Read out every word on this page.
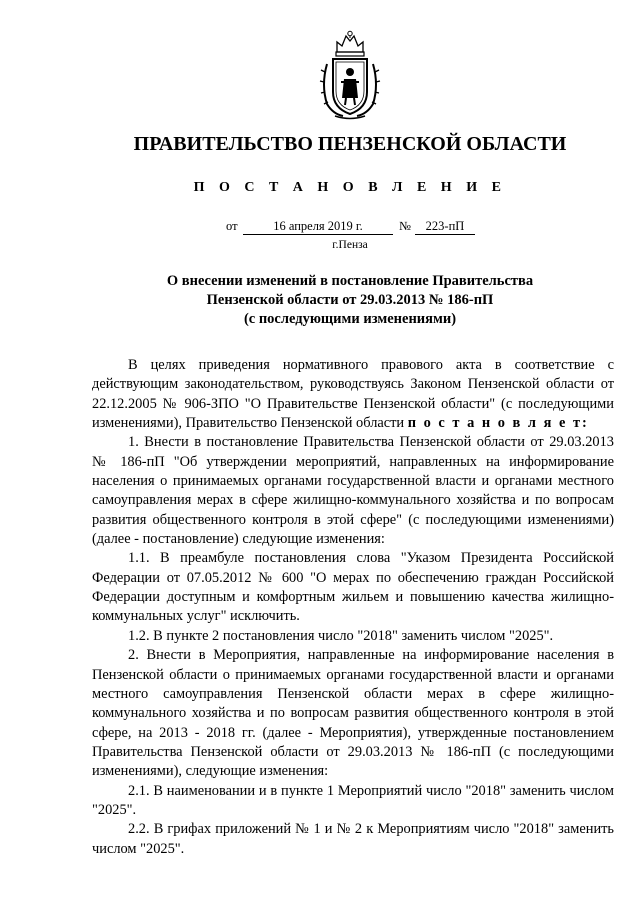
ПРАВИТЕЛЬСТВО ПЕНЗЕНСКОЙ ОБЛАСТИ
П О С Т А Н О В Л Е Н И Е
от	16 апреля 2019 г.	№	223-пП
г.Пенза
О внесении изменений в постановление Правительства
Пензенской области от 29.03.2013 № 186-пП
(с последующими изменениями)

В целях приведения нормативного правового акта в соответствие с действующим законодательством, руководствуясь Законом Пензенской области от 22.12.2005 № 906-ЗПО "О Правительстве Пензенской области" (с последующими изменениями), Правительство Пензенской области п о с т а н о в л я е т:

1. Внести в постановление Правительства Пензенской области от 29.03.2013 № 186-пП "Об утверждении мероприятий, направленных на информирование населения о принимаемых органами государственной власти и органами местного самоуправления мерах в сфере жилищно-коммунального хозяйства и по вопросам развития общественного контроля в этой сфере" (с последующими изменениями) (далее - постановление) следующие изменения:

1.1. В преамбуле постановления слова "Указом Президента Российской Федерации от 07.05.2012 № 600 "О мерах по обеспечению граждан Российской Федерации доступным и комфортным жильем и повышению качества жилищно-коммунальных услуг" исключить.

1.2. В пункте 2 постановления число "2018" заменить числом "2025".

2. Внести в Мероприятия, направленные на информирование населения в Пензенской области о принимаемых органами государственной власти и органами местного самоуправления Пензенской области мерах в сфере жилищно-коммунального хозяйства и по вопросам развития общественного контроля в этой сфере, на 2013 - 2018 гг. (далее - Мероприятия), утвержденные постановлением Правительства Пензенской области от 29.03.2013 № 186-пП (с последующими изменениями), следующие изменения:

2.1. В наименовании и в пункте 1 Мероприятий число "2018" заменить числом "2025".

2.2. В грифах приложений № 1 и № 2 к Мероприятиям число "2018" заменить числом "2025".
